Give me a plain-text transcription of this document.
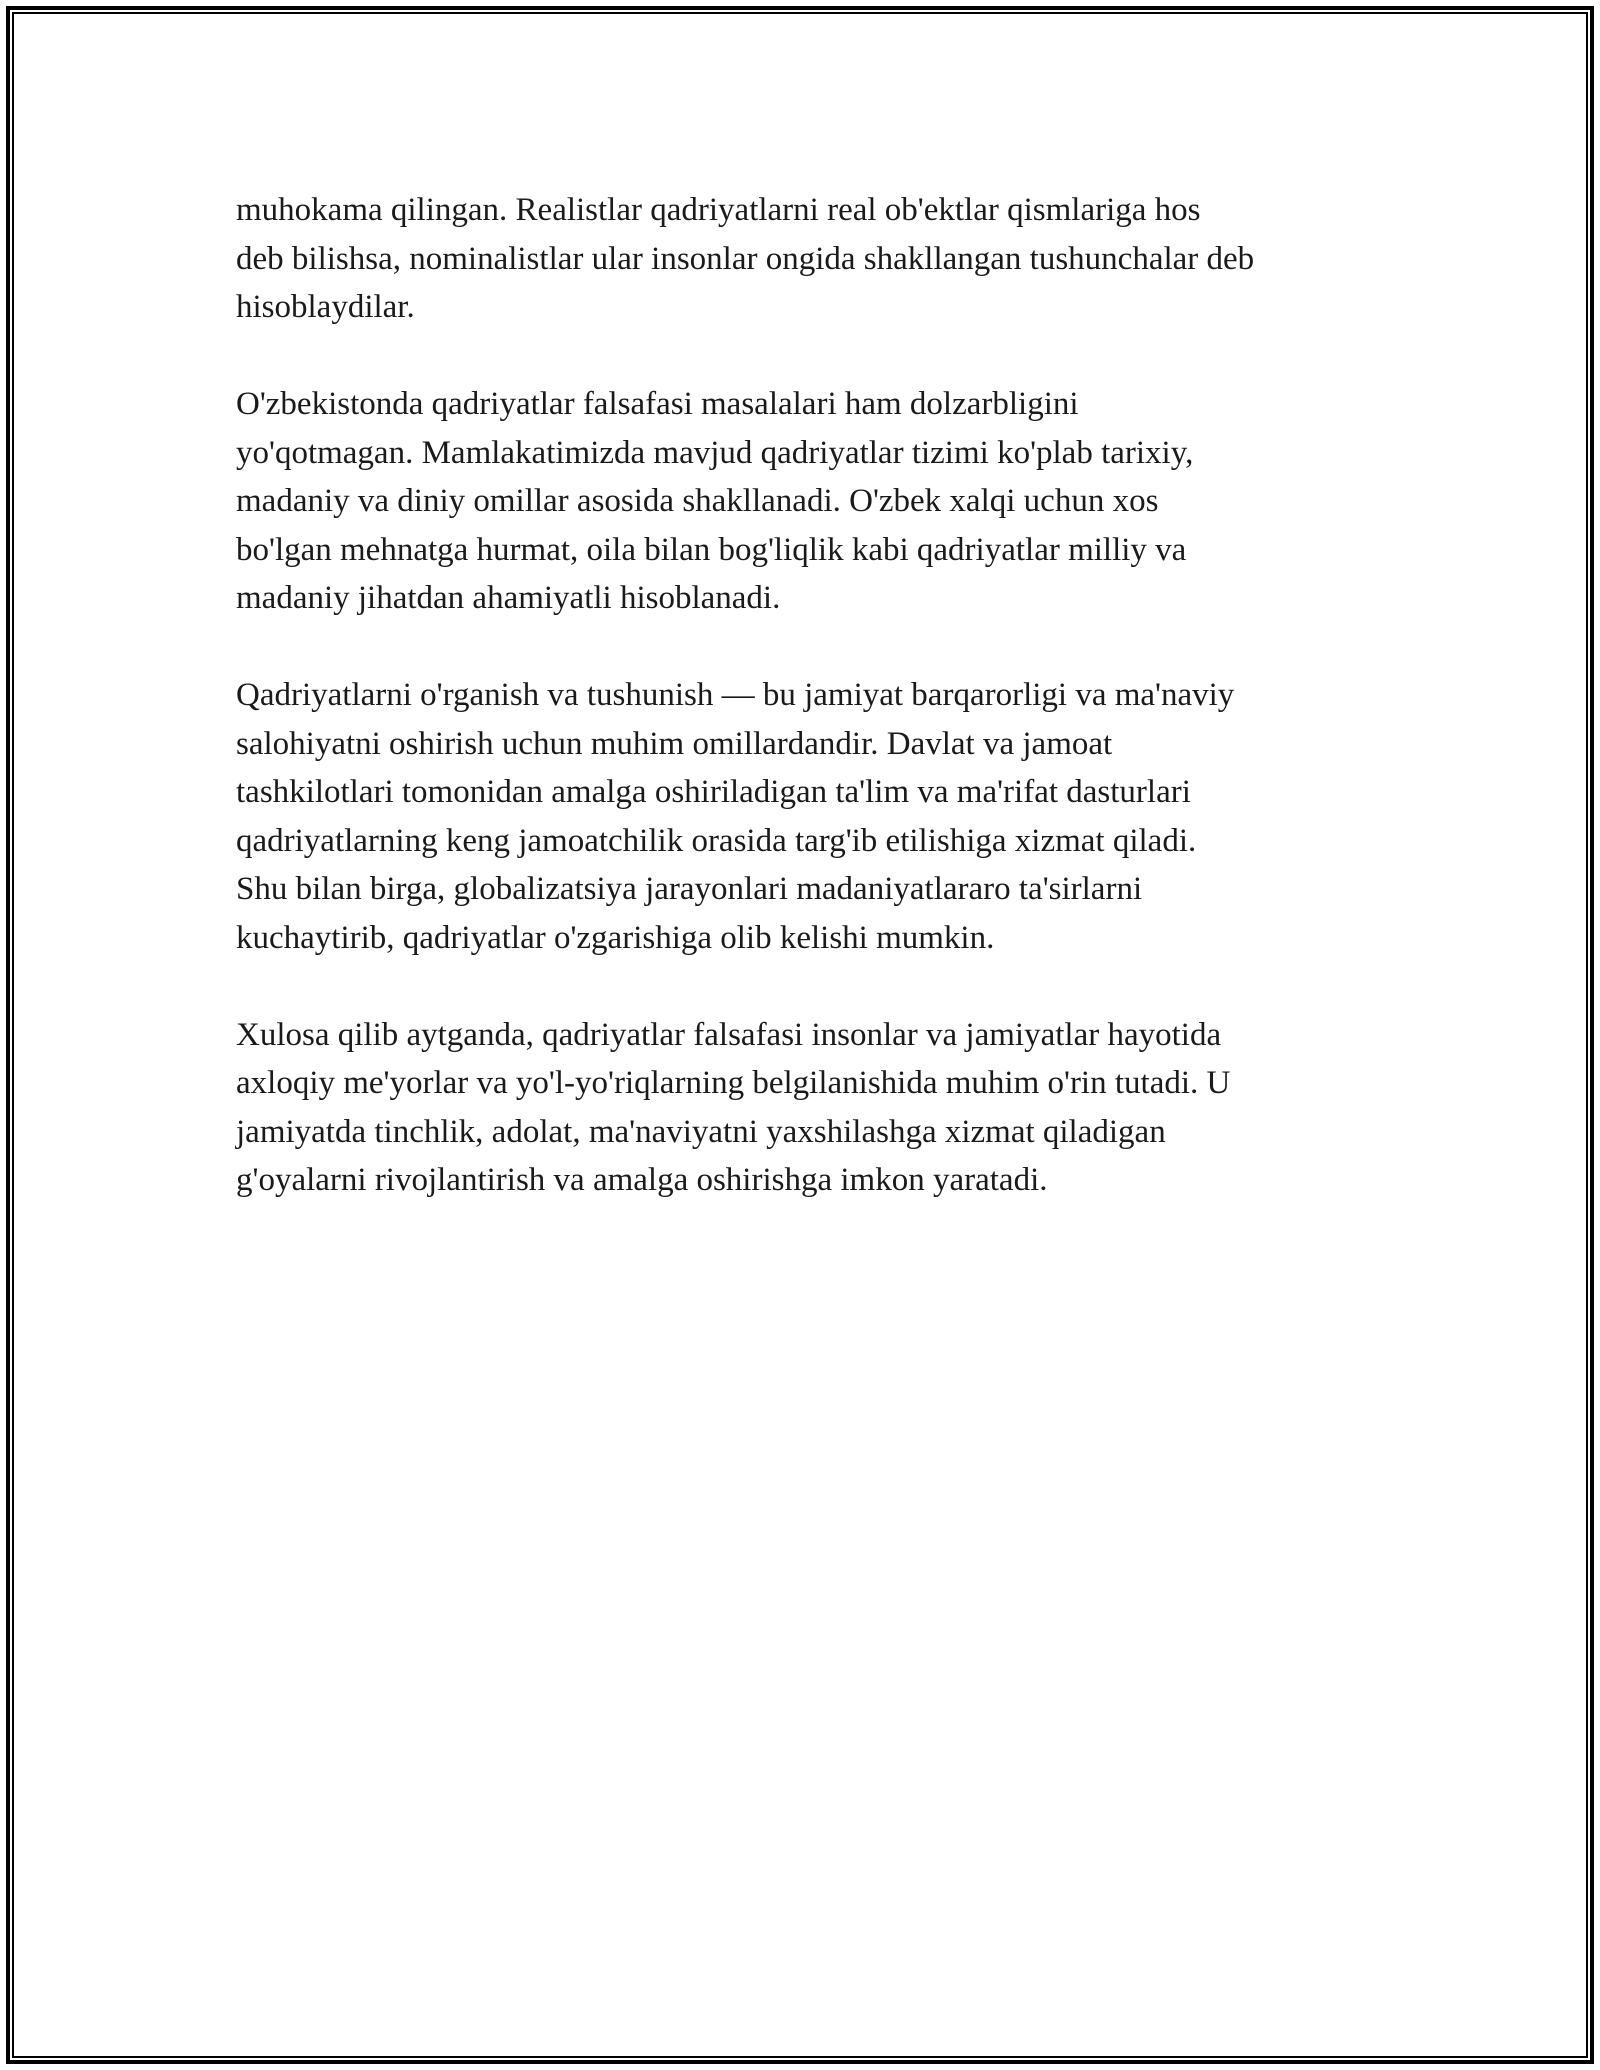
muhokama qilingan. Realistlar qadriyatlarni real ob'ektlar qismlariga hos
deb bilishsa, nominalistlar ular insonlar ongida shakllangan tushunchalar deb
hisoblaydilar.

O'zbekistonda qadriyatlar falsafasi masalalari ham dolzarbligini
yo'qotmagan. Mamlakatimizda mavjud qadriyatlar tizimi ko'plab tarixiy,
madaniy va diniy omillar asosida shakllanadi. O'zbek xalqi uchun xos
bo'lgan mehnatga hurmat, oila bilan bog'liqlik kabi qadriyatlar milliy va
madaniy jihatdan ahamiyatli hisoblanadi.

Qadriyatlarni o'rganish va tushunish — bu jamiyat barqarorligi va ma'naviy
salohiyatni oshirish uchun muhim omillardandir. Davlat va jamoat
tashkilotlari tomonidan amalga oshiriladigan ta'lim va ma'rifat dasturlari
qadriyatlarning keng jamoatchilik orasida targ'ib etilishiga xizmat qiladi.
Shu bilan birga, globalizatsiya jarayonlari madaniyatlararo ta'sirlarni
kuchaytirib, qadriyatlar o'zgarishiga olib kelishi mumkin.

Xulosa qilib aytganda, qadriyatlar falsafasi insonlar va jamiyatlar hayotida
axloqiy me'yorlar va yo'l-yo'riqlarning belgilanishida muhim o'rin tutadi. U
jamiyatda tinchlik, adolat, ma'naviyatni yaxshilashga xizmat qiladigan
g'oyalarni rivojlantirish va amalga oshirishga imkon yaratadi.
